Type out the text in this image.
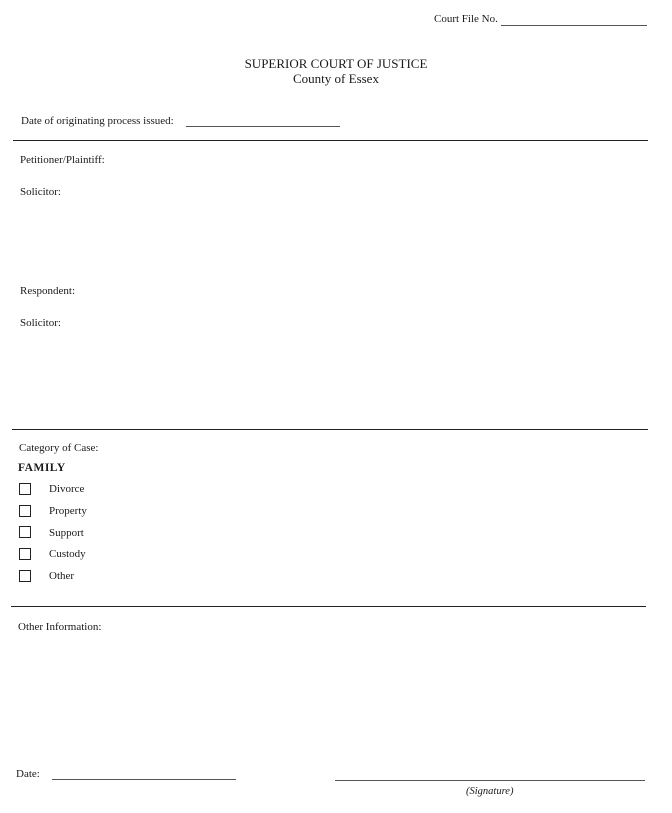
Court File No.
SUPERIOR COURT OF JUSTICE
County of Essex
Date of originating process issued:
Petitioner/Plaintiff:
Solicitor:
Respondent:
Solicitor:
Category of Case:
FAMILY
Divorce
Property
Support
Custody
Other
Other Information:
Date:
(Signature)
